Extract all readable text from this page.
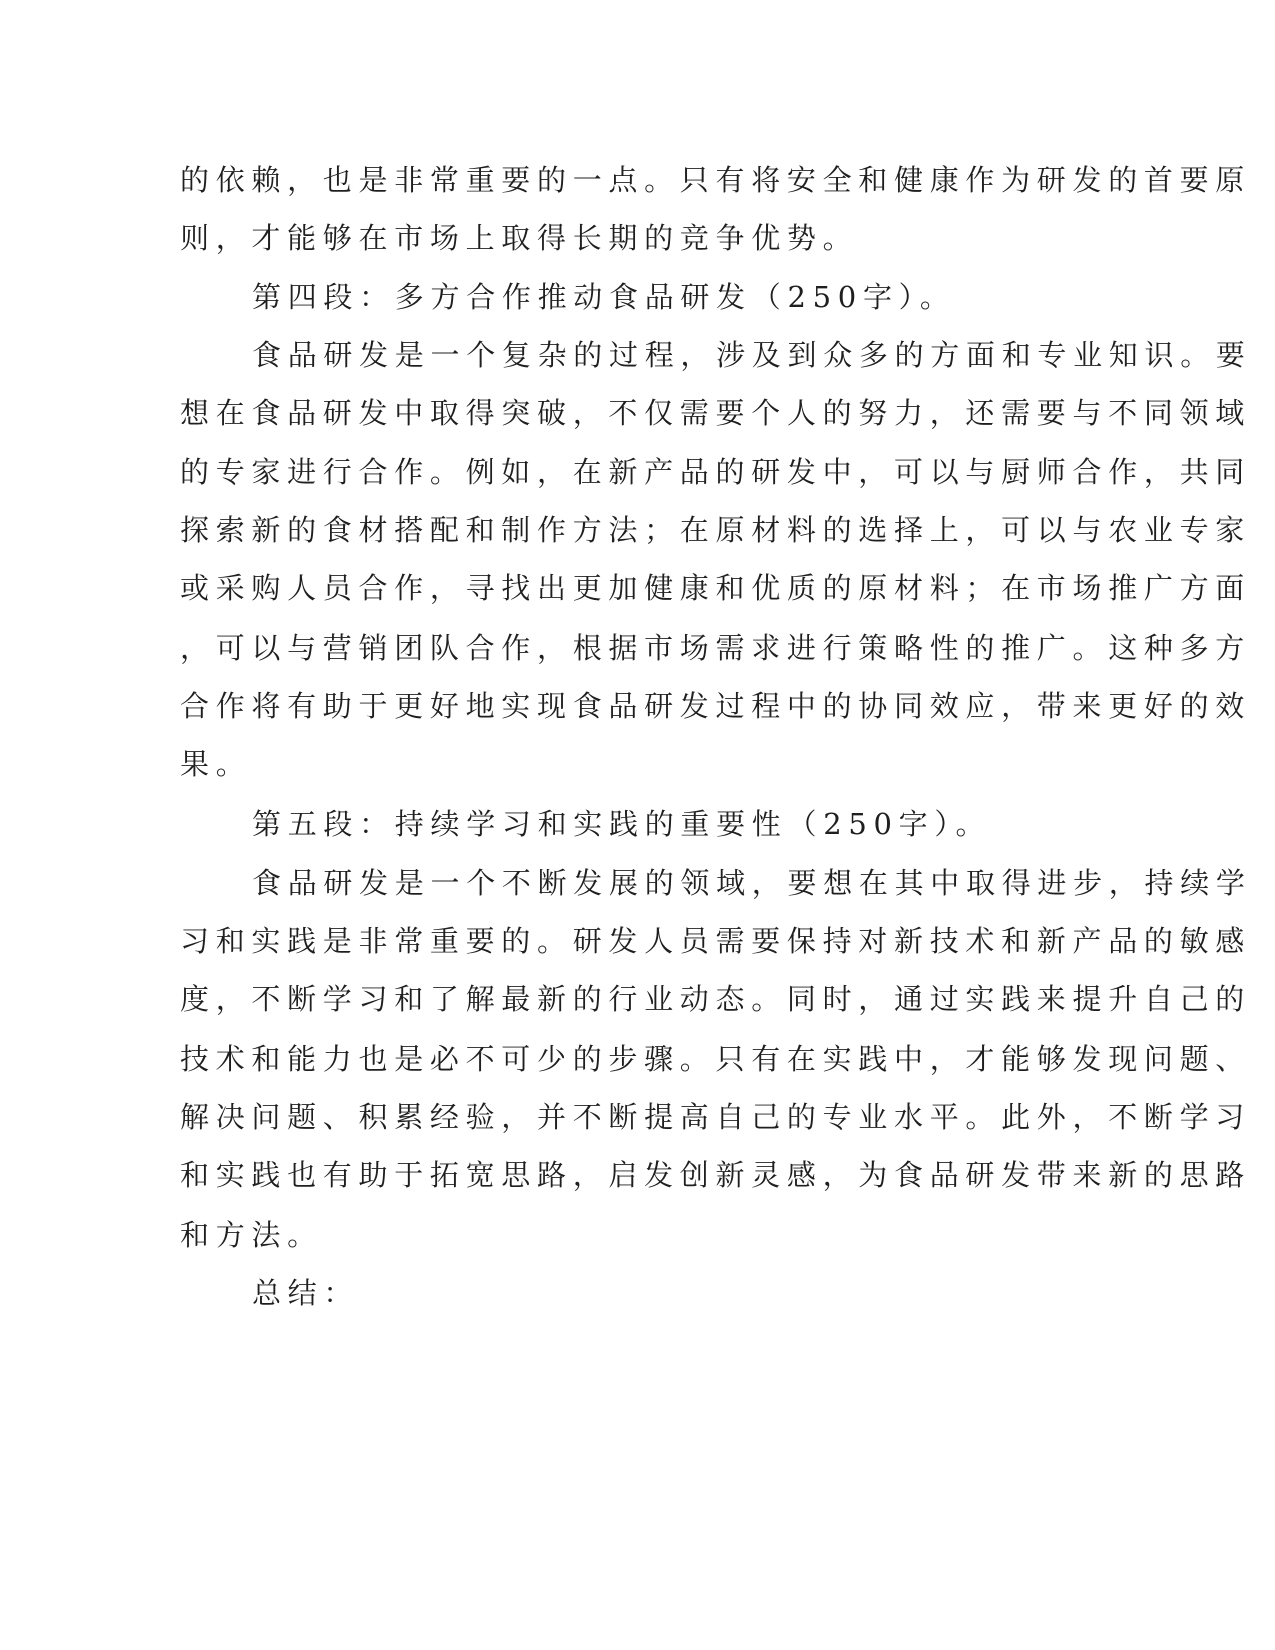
的依赖，也是非常重要的一点。只有将安全和健康作为研发的首要原

则，才能够在市场上取得长期的竞争优势。

第四段：多方合作推动食品研发（250字）。

食品研发是一个复杂的过程，涉及到众多的方面和专业知识。要

想在食品研发中取得突破，不仅需要个人的努力，还需要与不同领域

的专家进行合作。例如，在新产品的研发中，可以与厨师合作，共同

探索新的食材搭配和制作方法；在原材料的选择上，可以与农业专家

或采购人员合作，寻找出更加健康和优质的原材料；在市场推广方面

，可以与营销团队合作，根据市场需求进行策略性的推广。这种多方

合作将有助于更好地实现食品研发过程中的协同效应，带来更好的效

果。

第五段：持续学习和实践的重要性（250字）。

食品研发是一个不断发展的领域，要想在其中取得进步，持续学

习和实践是非常重要的。研发人员需要保持对新技术和新产品的敏感

度，不断学习和了解最新的行业动态。同时，通过实践来提升自己的

技术和能力也是必不可少的步骤。只有在实践中，才能够发现问题、

解决问题、积累经验，并不断提高自己的专业水平。此外，不断学习

和实践也有助于拓宽思路，启发创新灵感，为食品研发带来新的思路

和方法。

总结：
